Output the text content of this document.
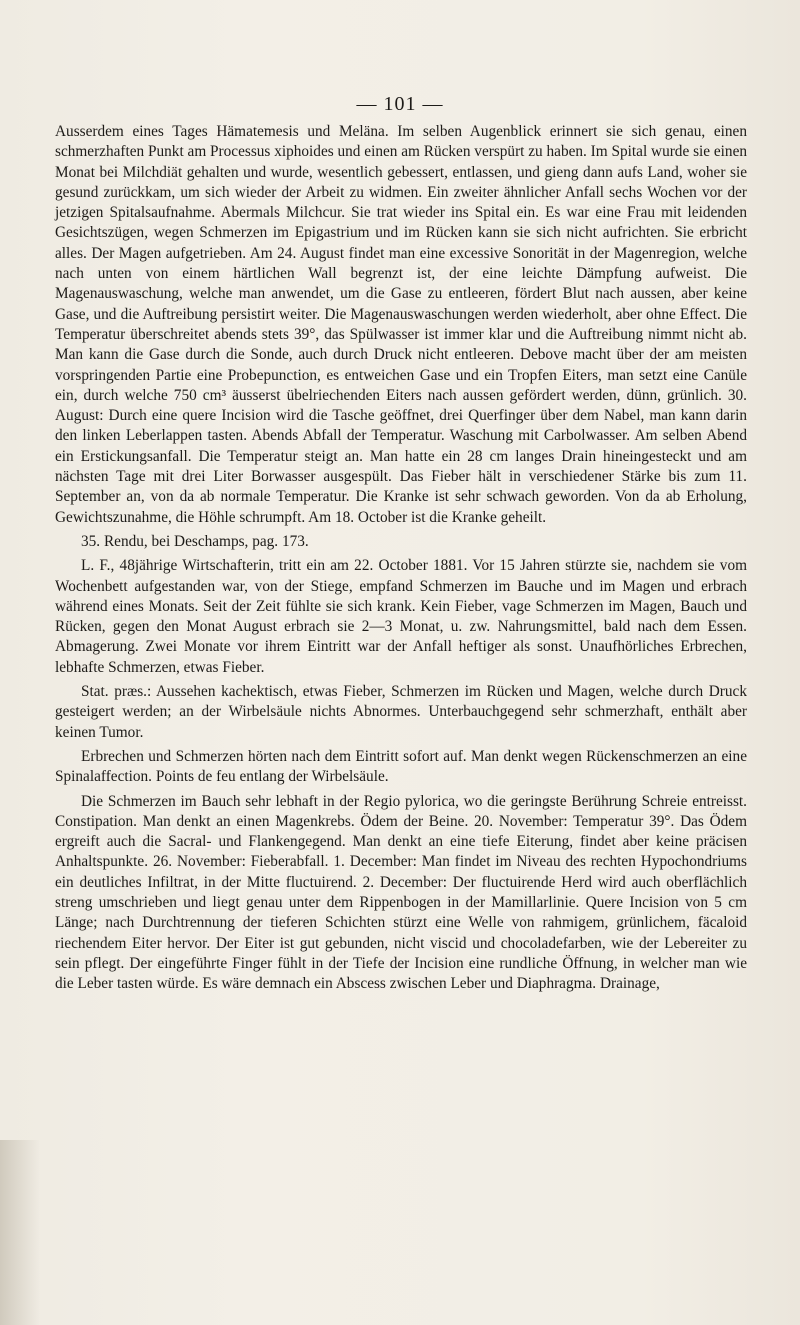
— 101 —

Ausserdem eines Tages Hämatemesis und Meläna. Im selben Augenblick erinnert sie sich genau, einen schmerzhaften Punkt am Processus xiphoides und einen am Rücken verspürt zu haben. Im Spital wurde sie einen Monat bei Milchdiät gehalten und wurde, wesentlich gebessert, entlassen, und gieng dann aufs Land, woher sie gesund zurückkam, um sich wieder der Arbeit zu widmen. Ein zweiter ähnlicher Anfall sechs Wochen vor der jetzigen Spitalsaufnahme. Abermals Milchcur. Sie trat wieder ins Spital ein. Es war eine Frau mit leidenden Gesichtszügen, wegen Schmerzen im Epigastrium und im Rücken kann sie sich nicht aufrichten. Sie erbricht alles. Der Magen aufgetrieben. Am 24. August findet man eine excessive Sonorität in der Magenregion, welche nach unten von einem härtlichen Wall begrenzt ist, der eine leichte Dämpfung aufweist. Die Magenauswaschung, welche man anwendet, um die Gase zu entleeren, fördert Blut nach aussen, aber keine Gase, und die Auftreibung persistirt weiter. Die Magenauswaschungen werden wiederholt, aber ohne Effect. Die Temperatur überschreitet abends stets 39°, das Spülwasser ist immer klar und die Auftreibung nimmt nicht ab. Man kann die Gase durch die Sonde, auch durch Druck nicht entleeren. Debove macht über der am meisten vorspringenden Partie eine Probepunction, es entweichen Gase und ein Tropfen Eiters, man setzt eine Canüle ein, durch welche 750 cm³ äusserst übelriechenden Eiters nach aussen gefördert werden, dünn, grünlich. 30. August: Durch eine quere Incision wird die Tasche geöffnet, drei Querfinger über dem Nabel, man kann darin den linken Leberlappen tasten. Abends Abfall der Temperatur. Waschung mit Carbolwasser. Am selben Abend ein Erstickungsanfall. Die Temperatur steigt an. Man hatte ein 28 cm langes Drain hineingesteckt und am nächsten Tage mit drei Liter Borwasser ausgespült. Das Fieber hält in verschiedener Stärke bis zum 11. September an, von da ab normale Temperatur. Die Kranke ist sehr schwach geworden. Von da ab Erholung, Gewichtszunahme, die Höhle schrumpft. Am 18. October ist die Kranke geheilt.

35. Rendu, bei Deschamps, pag. 173.

L. F., 48jährige Wirtschafterin, tritt ein am 22. October 1881. Vor 15 Jahren stürzte sie, nachdem sie vom Wochenbett aufgestanden war, von der Stiege, empfand Schmerzen im Bauche und im Magen und erbrach während eines Monats. Seit der Zeit fühlte sie sich krank. Kein Fieber, vage Schmerzen im Magen, Bauch und Rücken, gegen den Monat August erbrach sie 2—3 Monat, u. zw. Nahrungsmittel, bald nach dem Essen. Abmagerung. Zwei Monate vor ihrem Eintritt war der Anfall heftiger als sonst. Unaufhörliches Erbrechen, lebhafte Schmerzen, etwas Fieber.

Stat. præs.: Aussehen kachektisch, etwas Fieber, Schmerzen im Rücken und Magen, welche durch Druck gesteigert werden; an der Wirbelsäule nichts Abnormes. Unterbauchgegend sehr schmerzhaft, enthält aber keinen Tumor.

Erbrechen und Schmerzen hörten nach dem Eintritt sofort auf. Man denkt wegen Rückenschmerzen an eine Spinalaffection. Points de feu entlang der Wirbelsäule.

Die Schmerzen im Bauch sehr lebhaft in der Regio pylorica, wo die geringste Berührung Schreie entreisst. Constipation. Man denkt an einen Magenkrebs. Ödem der Beine. 20. November: Temperatur 39°. Das Ödem ergreift auch die Sacral- und Flankengegend. Man denkt an eine tiefe Eiterung, findet aber keine präcisen Anhaltspunkte. 26. November: Fieberabfall. 1. December: Man findet im Niveau des rechten Hypochondriums ein deutliches Infiltrat, in der Mitte fluctuirend. 2. December: Der fluctuirende Herd wird auch oberflächlich streng umschrieben und liegt genau unter dem Rippenbogen in der Mamillarlinie. Quere Incision von 5 cm Länge; nach Durchtrennung der tieferen Schichten stürzt eine Welle von rahmigem, grünlichem, fäcaloid riechendem Eiter hervor. Der Eiter ist gut gebunden, nicht viscid und chocoladefarben, wie der Lebereiter zu sein pflegt. Der eingeführte Finger fühlt in der Tiefe der Incision eine rundliche Öffnung, in welcher man wie die Leber tasten würde. Es wäre demnach ein Abscess zwischen Leber und Diaphragma. Drainage,
